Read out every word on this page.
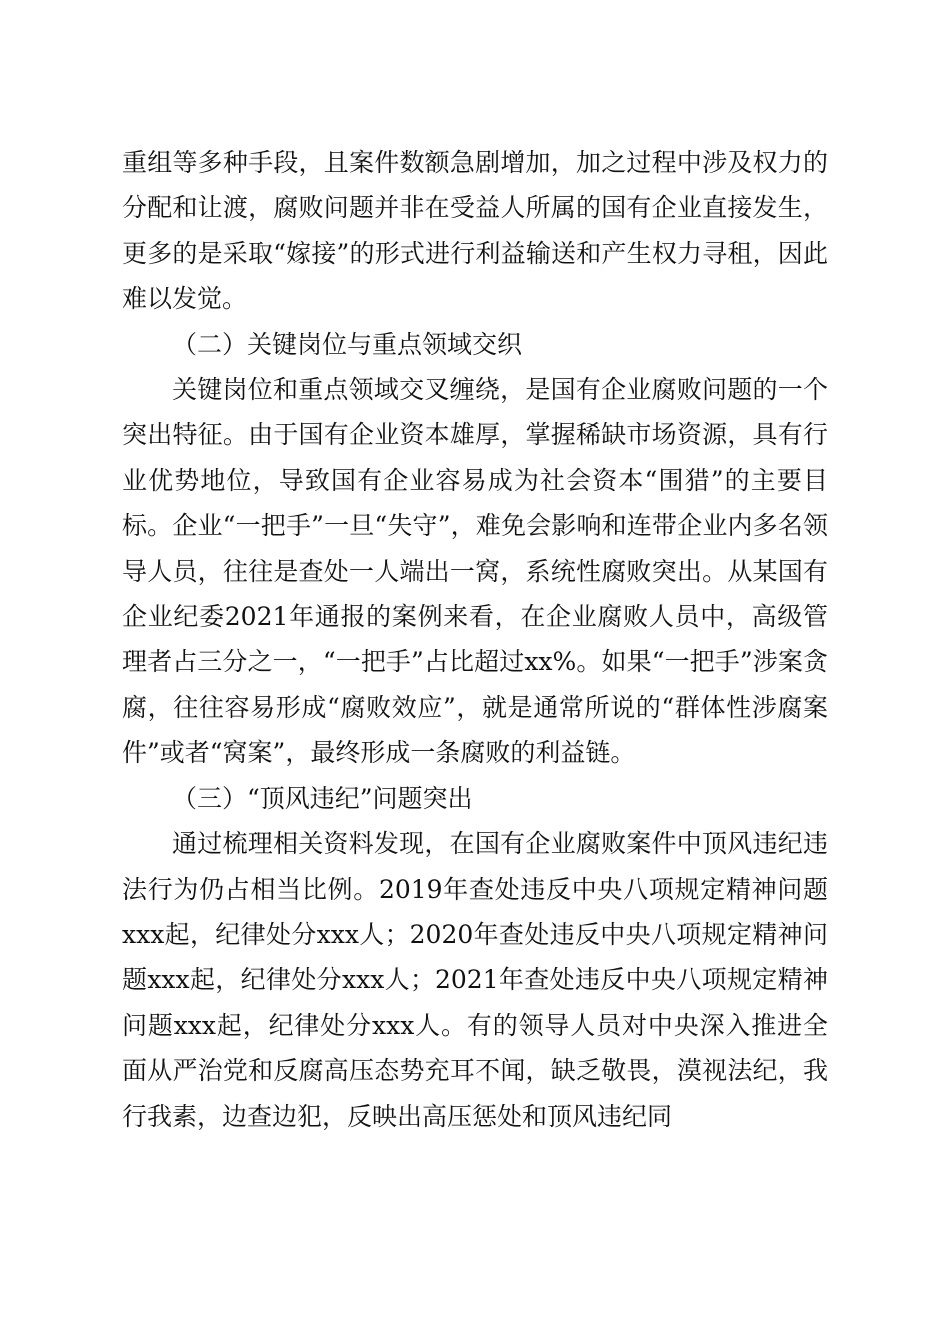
重组等多种手段，且案件数额急剧增加，加之过程中涉及权力的分配和让渡，腐败问题并非在受益人所属的国有企业直接发生，更多的是采取“嫁接”的形式进行利益输送和产生权力寻租，因此难以发觉。

（二）关键岗位与重点领域交织

关键岗位和重点领域交叉缠绕，是国有企业腐败问题的一个突出特征。由于国有企业资本雄厚，掌握稀缺市场资源，具有行业优势地位，导致国有企业容易成为社会资本“围猎”的主要目标。企业“一把手”一旦“失守”，难免会影响和连带企业内多名领导人员，往往是查处一人端出一窝，系统性腐败突出。从某国有企业纪委2021年通报的案例来看，在企业腐败人员中，高级管理者占三分之一，“一把手”占比超过xx%。如果“一把手”涉案贪腐，往往容易形成“腐败效应”，就是通常所说的“群体性涉腐案件”或者“窝案”，最终形成一条腐败的利益链。

（三）“顶风违纪”问题突出

通过梳理相关资料发现，在国有企业腐败案件中顶风违纪违法行为仍占相当比例。2019年查处违反中央八项规定精神问题xxx起，纪律处分xxx人；2020年查处违反中央八项规定精神问题xxx起，纪律处分xxx人；2021年查处违反中央八项规定精神问题xxx起，纪律处分xxx人。有的领导人员对中央深入推进全面从严治党和反腐高压态势充耳不闻，缺乏敬畏，漠视法纪，我行我素，边查边犯，反映出高压惩处和顶风违纪同
